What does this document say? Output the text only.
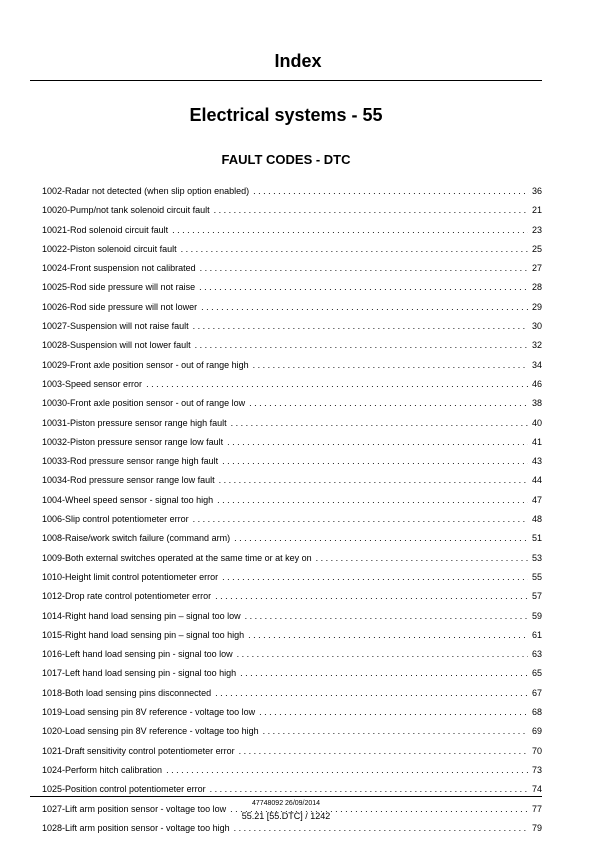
Index
Electrical systems - 55
FAULT CODES - DTC
1002-Radar not detected (when slip option enabled) . . .	36
10020-Pump/not tank solenoid circuit fault . . .	21
10021-Rod solenoid circuit fault . . .	23
10022-Piston solenoid circuit fault . . .	25
10024-Front suspension not calibrated . . .	27
10025-Rod side pressure will not raise . . .	28
10026-Rod side pressure will not lower . . .	29
10027-Suspension will not raise fault . . .	30
10028-Suspension will not lower fault . . .	32
10029-Front axle position sensor - out of range high . . .	34
1003-Speed sensor error . . .	46
10030-Front axle position sensor - out of range low . . .	38
10031-Piston pressure sensor range high fault . . .	40
10032-Piston pressure sensor range low fault . . .	41
10033-Rod pressure sensor range high fault . . .	43
10034-Rod pressure sensor range low fault . . .	44
1004-Wheel speed sensor - signal too high . . .	47
1006-Slip control potentiometer error . . .	48
1008-Raise/work switch failure (command arm) . . .	51
1009-Both external switches operated at the same time or at key on . . .	53
1010-Height limit control potentiometer error . . .	55
1012-Drop rate control potentiometer error . . .	57
1014-Right hand load sensing pin – signal too low . . .	59
1015-Right hand load sensing pin – signal too high . . .	61
1016-Left hand load sensing pin - signal too low . . .	63
1017-Left hand load sensing pin - signal too high . . .	65
1018-Both load sensing pins disconnected . . .	67
1019-Load sensing pin 8V reference - voltage too low . . .	68
1020-Load sensing pin 8V reference - voltage too high . . .	69
1021-Draft sensitivity control potentiometer error . . .	70
1024-Perform hitch calibration . . .	73
1025-Position control potentiometer error . . .	74
1027-Lift arm position sensor - voltage too low . . .	77
1028-Lift arm position sensor - voltage too high . . .	79
47748092 26/09/2014
55.21 [55.DTC] / 1242
